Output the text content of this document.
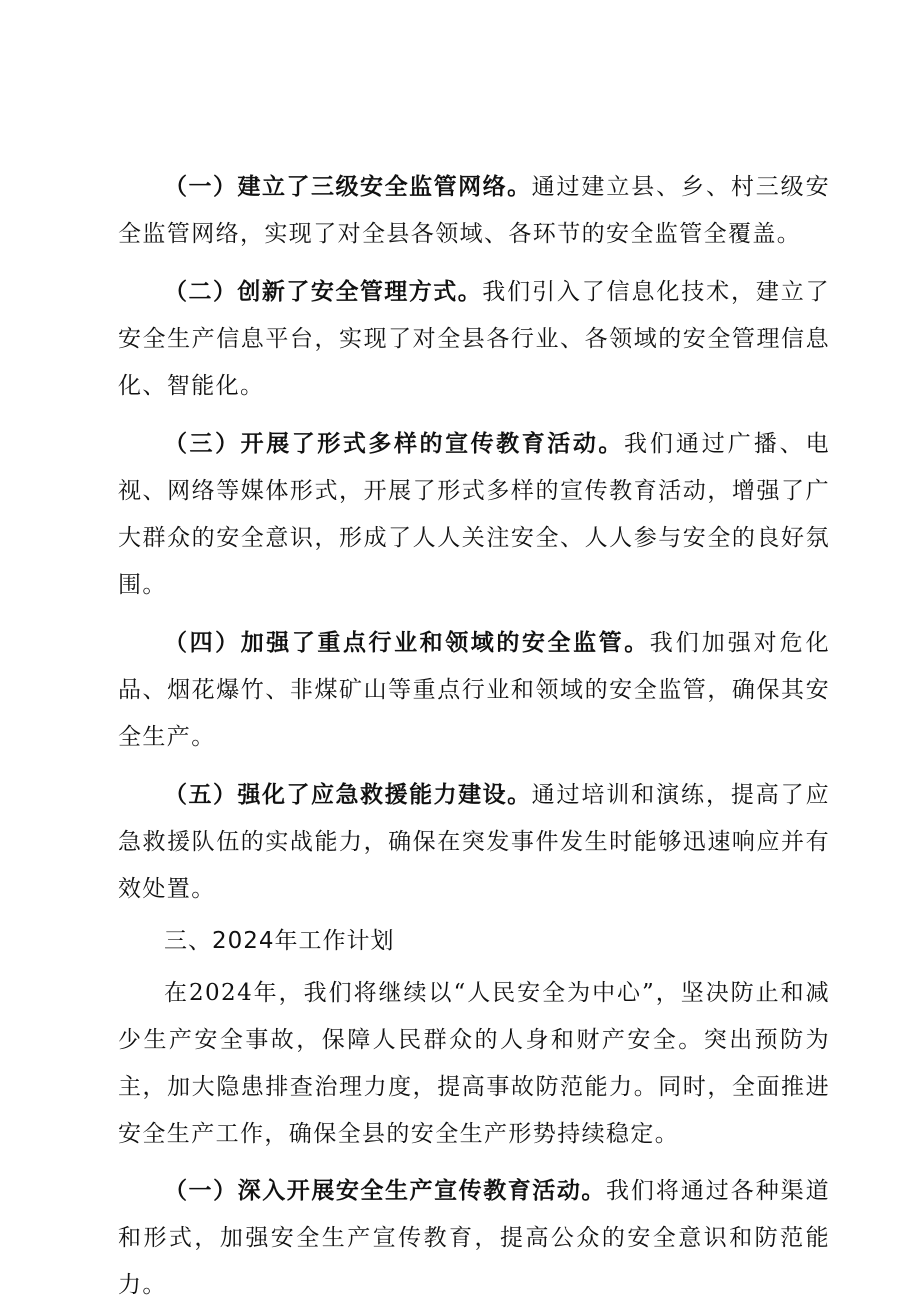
（一）建立了三级安全监管网络。通过建立县、乡、村三级安全监管网络，实现了对全县各领域、各环节的安全监管全覆盖。

（二）创新了安全管理方式。我们引入了信息化技术，建立了安全生产信息平台，实现了对全县各行业、各领域的安全管理信息化、智能化。

（三）开展了形式多样的宣传教育活动。我们通过广播、电视、网络等媒体形式，开展了形式多样的宣传教育活动，增强了广大群众的安全意识，形成了人人关注安全、人人参与安全的良好氛围。

（四）加强了重点行业和领域的安全监管。我们加强对危化品、烟花爆竹、非煤矿山等重点行业和领域的安全监管，确保其安全生产。

（五）强化了应急救援能力建设。通过培训和演练，提高了应急救援队伍的实战能力，确保在突发事件发生时能够迅速响应并有效处置。

三、2024年工作计划

在2024年，我们将继续以“人民安全为中心”，坚决防止和减少生产安全事故，保障人民群众的人身和财产安全。突出预防为主，加大隐患排查治理力度，提高事故防范能力。同时，全面推进安全生产工作，确保全县的安全生产形势持续稳定。

（一）深入开展安全生产宣传教育活动。我们将通过各种渠道和形式，加强安全生产宣传教育，提高公众的安全意识和防范能力。
